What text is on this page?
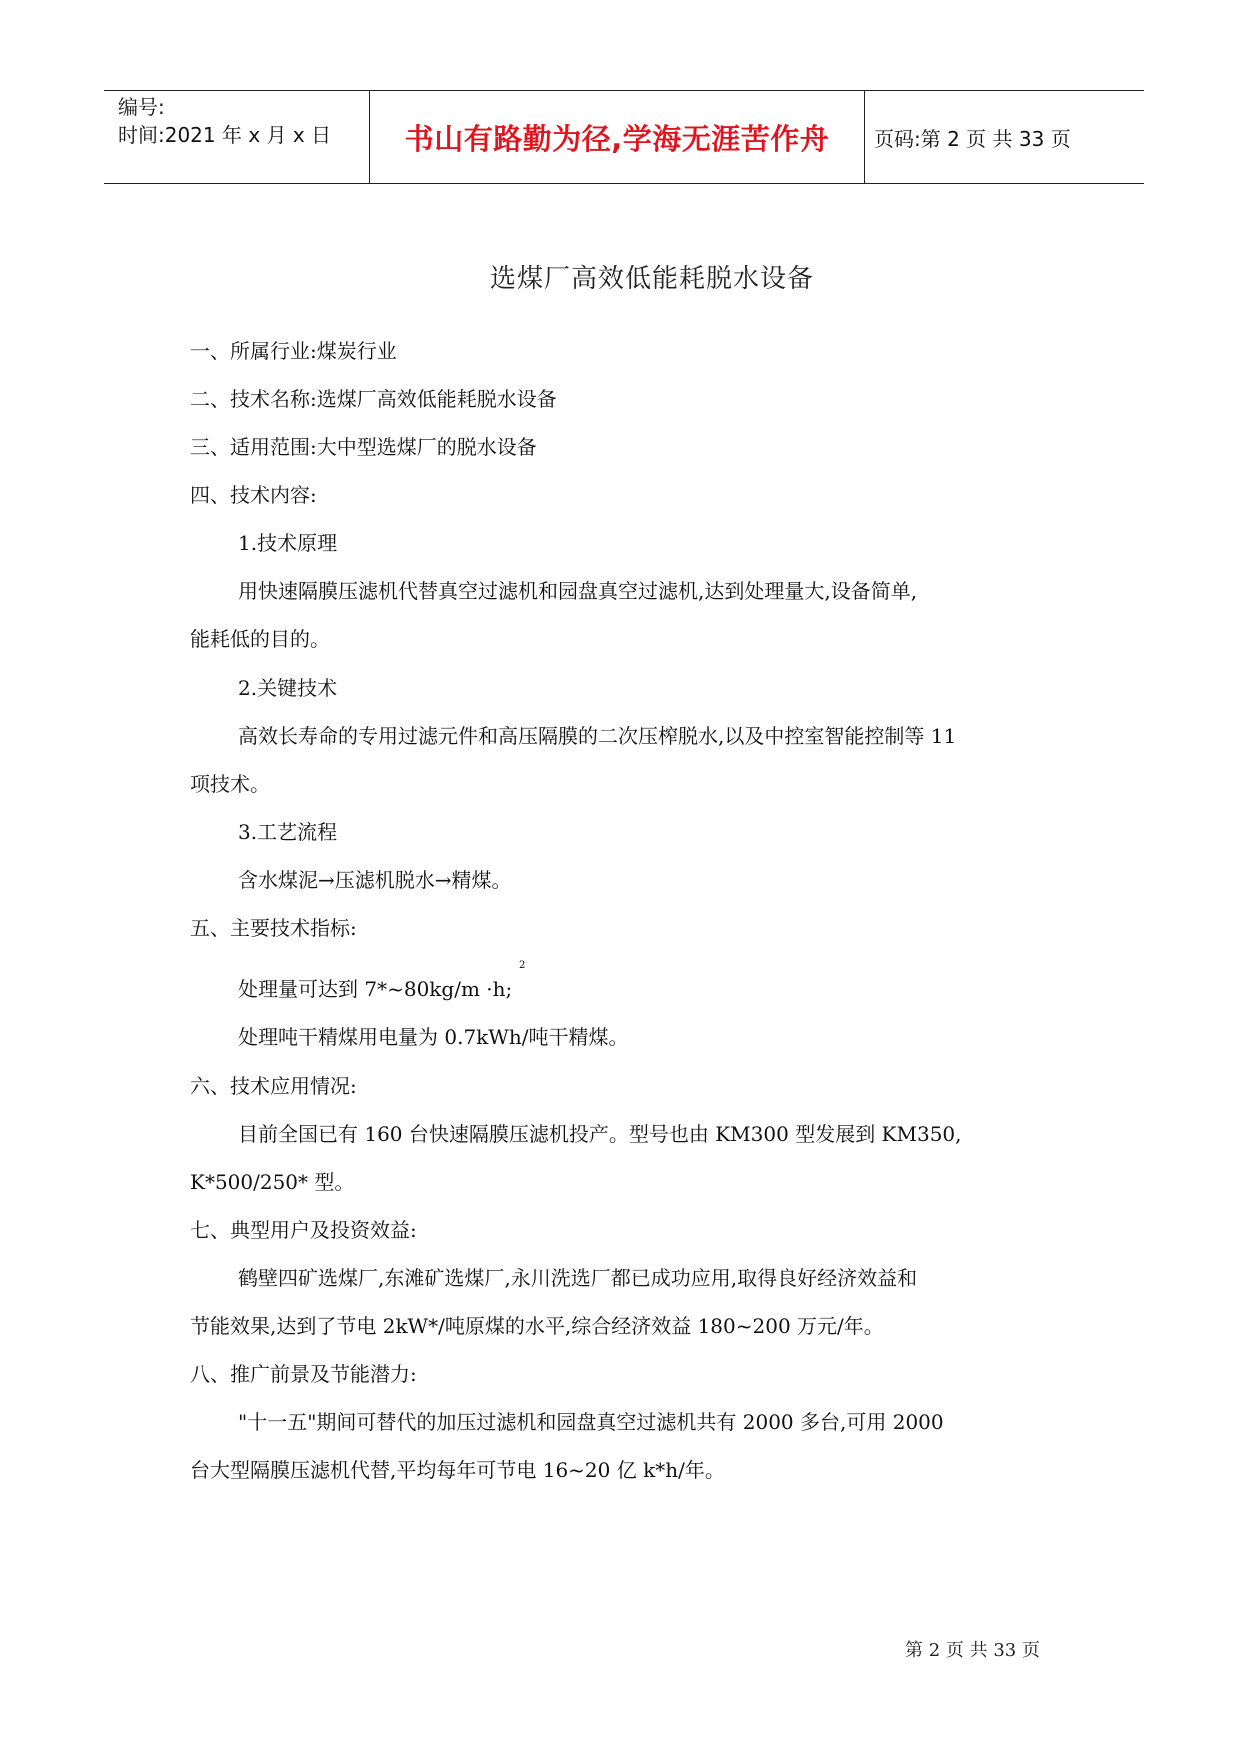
编号:
时间:2021 年 x 月 x 日	书山有路勤为径,学海无涯苦作舟	页码:第 2 页 共 33 页
选煤厂高效低能耗脱水设备
一、所属行业:煤炭行业
二、技术名称:选煤厂高效低能耗脱水设备
三、适用范围:大中型选煤厂的脱水设备
四、技术内容:
1.技术原理
用快速隔膜压滤机代替真空过滤机和园盘真空过滤机,达到处理量大,设备简单,
能耗低的目的。
2.关键技术
高效长寿命的专用过滤元件和高压隔膜的二次压榨脱水,以及中控室智能控制等 11
项技术。
3.工艺流程
含水煤泥→压滤机脱水→精煤。
五、主要技术指标:
处理量可达到 7*~80kg/m ·h;
2
处理吨干精煤用电量为 0.7kWh/吨干精煤。
六、技术应用情况:
目前全国已有 160 台快速隔膜压滤机投产。型号也由 KM300 型发展到 KM350,
K*500/250* 型。
七、典型用户及投资效益:
鹤壁四矿选煤厂,东滩矿选煤厂,永川洗选厂都已成功应用,取得良好经济效益和
节能效果,达到了节电 2kW*/吨原煤的水平,综合经济效益 180~200 万元/年。
八、推广前景及节能潜力:
"十一五"期间可替代的加压过滤机和园盘真空过滤机共有 2000 多台,可用 2000
台大型隔膜压滤机代替,平均每年可节电 16~20 亿 k*h/年。
第 2 页 共 33 页
